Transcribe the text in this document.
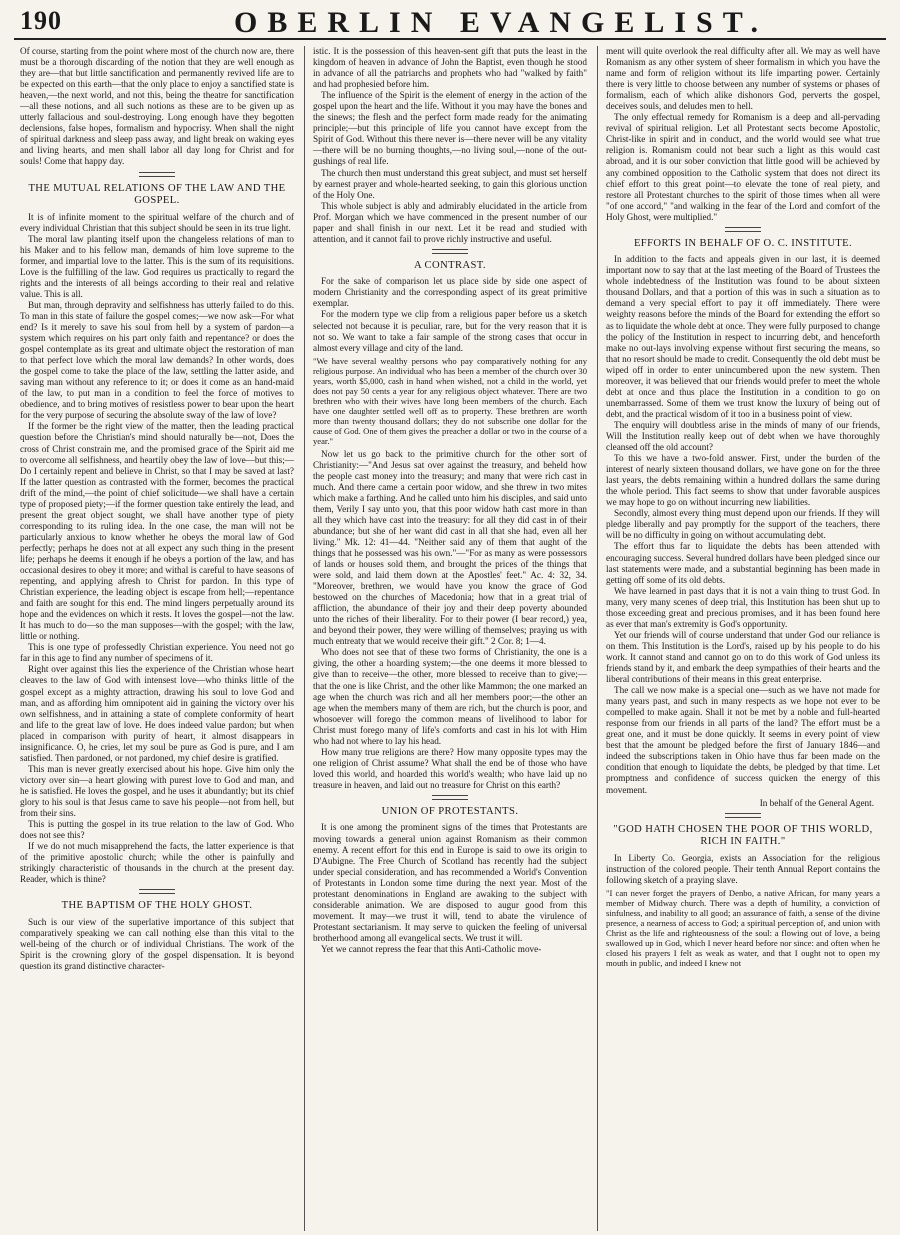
190	OBERLIN EVANGELIST.

Of course, starting from the point where most of the church now are, there must be a thorough discarding of the notion that they are well enough as they are—that but little sanctification and permanently revived life are to be expected on this earth—that the only place to enjoy a sanctified state is heaven,—the next world, and not this, being the theatre for sanctification—all these notions, and all such notions as these are to be given up as utterly fallacious and soul-destroying. Long enough have they begotten declensions, false hopes, formalism and hypocrisy. When shall the night of spiritual darkness and sleep pass away, and light break on waking eyes and living hearts, and men shall labor all day long for Christ and for souls! Come that happy day.

THE MUTUAL RELATIONS OF THE LAW AND THE GOSPEL.

It is of infinite moment to the spiritual welfare of the church and of every individual Christian that this subject should be seen in its true light.

The moral law planting itself upon the changeless relations of man to his Maker and to his fellow man, demands of him love supreme to the former, and impartial love to the latter. This is the sum of its requisitions. Love is the fulfilling of the law. God requires us practically to regard the rights and the interests of all beings according to their real and relative value. This is all.

But man, through depravity and selfishness has utterly failed to do this. To man in this state of failure the gospel comes;—we now ask—For what end? Is it merely to save his soul from hell by a system of pardon—a system which requires on his part only faith and repentance? or does the gospel contemplate as its great and ultimate object the restoration of man to that perfect love which the moral law demands? In other words, does the gospel come to take the place of the law, settling the latter aside, and saving man without any reference to it; or does it come as an hand-maid of the law, to put man in a condition to feel the force of motives to obedience, and to bring motives of resistless power to bear upon the heart for the very purpose of securing the absolute sway of the law of love?

If the former be the right view of the matter, then the leading practical question before the Christian's mind should naturally be—not, Does the cross of Christ constrain me, and the promised grace of the Spirit aid me to overcome all selfishness, and heartily obey the law of love—but this;—Do I certainly repent and believe in Christ, so that I may be saved at last? If the latter question as contrasted with the former, becomes the practical drift of the mind,—the point of chief solicitude—we shall have a certain type of proposed piety;—if the former question take entirely the lead, and present the great object sought, we shall have another type of piety corresponding to its ruling idea. In the one case, the man will not be particularly anxious to know whether he obeys the moral law of God perfectly; perhaps he does not at all expect any such thing in the present life; perhaps he deems it enough if he obeys a portion of the law, and has occasional desires to obey it more; and withal is careful to have seasons of repenting, and applying afresh to Christ for pardon. In this type of Christian experience, the leading object is escape from hell;—repentance and faith are sought for this end. The mind lingers perpetually around its hope and the evidences on which it rests. It loves the gospel—not the law. It has much to do—so the man supposes—with the gospel; with the law, little or nothing.

This is one type of professedly Christian experience. You need not go far in this age to find any number of specimens of it.

Right over against this lies the experience of the Christian whose heart cleaves to the law of God with intensest love—who thinks little of the gospel except as a mighty attraction, drawing his soul to love God and man, and as affording him omnipotent aid in gaining the victory over his own selfishness, and in attaining a state of complete conformity of heart and life to the great law of love. He does indeed value pardon; but when placed in comparison with purity of heart, it almost disappears in insignificance. O, he cries, let my soul be pure as God is pure, and I am satisfied. Then pardoned, or not pardoned, my chief desire is gratified.

This man is never greatly exercised about his hope. Give him only the victory over sin—a heart glowing with purest love to God and man, and he is satisfied. He loves the gospel, and he uses it abundantly; but its chief glory to his soul is that Jesus came to save his people—not from hell, but from their sins.

This is putting the gospel in its true relation to the law of God. Who does not see this?

If we do not much misapprehend the facts, the latter experience is that of the primitive apostolic church; while the other is painfully and strikingly characteristic of thousands in the church at the present day. Reader, which is thine?

THE BAPTISM OF THE HOLY GHOST.

Such is our view of the superlative importance of this subject that comparatively speaking we can call nothing else than this vital to the well-being of the church or of individual Christians. The work of the Spirit is the crowning glory of the gospel dispensation. It is beyond question its grand distinctive character-

istic. It is the possession of this heaven-sent gift that puts the least in the kingdom of heaven in advance of John the Baptist, even though he stood in advance of all the patriarchs and prophets who had "walked by faith" and had prophesied before him.

The influence of the Spirit is the element of energy in the action of the gospel upon the heart and the life. Without it you may have the bones and the sinews; the flesh and the perfect form made ready for the animating principle;—but this principle of life you cannot have except from the Spirit of God. Without this there never is—there never will be any vitality—there will be no burning thoughts,—no living soul,—none of the out-gushings of real life.

The church then must understand this great subject, and must set herself by earnest prayer and whole-hearted seeking, to gain this glorious unction of the Holy One.

This whole subject is ably and admirably elucidated in the article from Prof. Morgan which we have commenced in the present number of our paper and shall finish in our next. Let it be read and studied with attention, and it cannot fail to prove richly instructive and useful.

A CONTRAST.

For the sake of comparison let us place side by side one aspect of modern Christianity and the corresponding aspect of its great primitive exemplar.

For the modern type we clip from a religious paper before us a sketch selected not because it is peculiar, rare, but for the very reason that it is not so. We want to take a fair sample of the strong cases that occur in almost every village and city of the land.

"We have several wealthy persons who pay comparatively nothing for any religious purpose. An individual who has been a member of the church over 30 years, worth $5,000, cash in hand when wished, not a child in the world, yet does not pay 50 cents a year for any religious object whatever. There are two brethren who with their wives have long been members of the church. Each have one daughter settled well off as to property. These brethren are worth more than twenty thousand dollars; they do not subscribe one dollar for the cause of God. One of them gives the preacher a dollar or two in the course of a year."

Now let us go back to the primitive church for the other sort of Christianity:—"And Jesus sat over against the treasury, and beheld how the people cast money into the treasury; and many that were rich cast in much. And there came a certain poor widow, and she threw in two mites which make a farthing. And he called unto him his disciples, and said unto them, Verily I say unto you, that this poor widow hath cast more in than all they which have cast into the treasury: for all they did cast in of their abundance; but she of her want did cast in all that she had, even all her living." Mk. 12: 41—44. "Neither said any of them that aught of the things that he possessed was his own."—"For as many as were possessors of lands or houses sold them, and brought the prices of the things that were sold, and laid them down at the Apostles' feet." Ac. 4: 32, 34. "Moreover, brethren, we would have you know the grace of God bestowed on the churches of Macedonia; how that in a great trial of affliction, the abundance of their joy and their deep poverty abounded unto the riches of their liberality. For to their power (I bear record,) yea, and beyond their power, they were willing of themselves; praying us with much entreaty that we would receive their gift." 2 Cor. 8; 1—4.

Who does not see that of these two forms of Christianity, the one is a giving, the other a hoarding system;—the one deems it more blessed to give than to receive—the other, more blessed to receive than to give;—that the one is like Christ, and the other like Mammon; the one marked an age when the church was rich and all her members poor;—the other an age when the members many of them are rich, but the church is poor, and whosoever will forego the common means of livelihood to labor for Christ must forego many of life's comforts and cast in his lot with Him who had not where to lay his head.

How many true religions are there? How many opposite types may the one religion of Christ assume? What shall the end be of those who have loved this world, and hoarded this world's wealth; who have laid up no treasure in heaven, and laid out no treasure for Christ on this earth?

UNION OF PROTESTANTS.

It is one among the prominent signs of the times that Protestants are moving towards a general union against Romanism as their common enemy. A recent effort for this end in Europe is said to owe its origin to D'Aubigne. The Free Church of Scotland has recently had the subject under special consideration, and has recommended a World's Convention of Protestants in London some time during the next year. Most of the protestant denominations in England are awaking to the subject with considerable animation. We are disposed to augur good from this movement. It may—we trust it will, tend to abate the virulence of Protestant sectarianism. It may serve to quicken the feeling of universal brotherhood among all evangelical sects. We trust it will.

Yet we cannot repress the fear that this Anti-Catholic move-

ment will quite overlook the real difficulty after all. We may as well have Romanism as any other system of sheer formalism in which you have the name and form of religion without its life imparting power. Certainly there is very little to choose between any number of systems or phases of formalism, each of which alike dishonors God, perverts the gospel, deceives souls, and deludes men to hell.

The only effectual remedy for Romanism is a deep and all-pervading revival of spiritual religion. Let all Protestant sects become Apostolic, Christ-like in spirit and in conduct, and the world would see what true religion is. Romanism could not bear such a light as this would cast abroad, and it is our sober conviction that little good will be achieved by any combined opposition to the Catholic system that does not direct its chief effort to this great point—to elevate the tone of real piety, and restore all Protestant churches to the spirit of those times when all were "of one accord," "and walking in the fear of the Lord and comfort of the Holy Ghost, were multiplied."

EFFORTS IN BEHALF OF O. C. INSTITUTE.

In addition to the facts and appeals given in our last, it is deemed important now to say that at the last meeting of the Board of Trustees the whole indebtedness of the Institution was found to be about sixteen thousand Dollars, and that a portion of this was in such a situation as to demand a very special effort to pay it off immediately. There were weighty reasons before the minds of the Board for extending the effort so as to liquidate the whole debt at once. They were fully purposed to change the policy of the Institution in respect to incurring debt, and henceforth make no out-lays involving expense without first securing the means, so that no resort should be made to credit. Consequently the old debt must be wiped off in order to enter unincumbered upon the new system. Then moreover, it was believed that our friends would prefer to meet the whole debt at once and thus place the Institution in a condition to go on unembarrassed. Some of them we trust know the luxury of being out of debt, and the practical wisdom of it too in a business point of view.

The enquiry will doubtless arise in the minds of many of our friends, Will the Institution really keep out of debt when we have thoroughly cleansed off the old account?

To this we have a two-fold answer. First, under the burden of the interest of nearly sixteen thousand dollars, we have gone on for the three last years, the debts remaining within a hundred dollars the same during the whole period. This fact seems to show that under favorable auspices we may hope to go on without incurring new liabilities.

Secondly, almost every thing must depend upon our friends. If they will pledge liberally and pay promptly for the support of the teachers, there will be no difficulty in going on without accumulating debt.

The effort thus far to liquidate the debts has been attended with encouraging success. Several hundred dollars have been pledged since our last statements were made, and a substantial beginning has been made in getting off some of its old debts.

We have learned in past days that it is not a vain thing to trust God. In many, very many scenes of deep trial, this Institution has been shut up to those exceeding great and precious promises, and it has been found here as ever that man's extremity is God's opportunity.

Yet our friends will of course understand that under God our reliance is on them. This Institution is the Lord's, raised up by his people to do his work. It cannot stand and cannot go on to do this work of God unless its friends stand by it, and embark the deep sympathies of their hearts and the liberal contributions of their means in this great enterprise.

The call we now make is a special one—such as we have not made for many years past, and such in many respects as we hope not ever to be compelled to make again. Shall it not be met by a noble and full-hearted response from our friends in all parts of the land? The effort must be a great one, and it must be done quickly. It seems in every point of view best that the amount be pledged before the first of January 1846—and indeed the subscriptions taken in Ohio have thus far been made on the condition that enough to liquidate the debts, be pledged by that time. Let promptness and confidence of success quicken the energy of this movement.

In behalf of the General Agent.
"GOD HATH CHOSEN THE POOR OF THIS WORLD, RICH IN FAITH."

In Liberty Co. Georgia, exists an Association for the religious instruction of the colored people. Their tenth Annual Report contains the following sketch of a praying slave.

"I can never forget the prayers of Denbo, a native African, for many years a member of Midway church. There was a depth of humility, a conviction of sinfulness, and inability to all good; an assurance of faith, a sense of the divine presence, a nearness of access to God; a spiritual perception of, and union with Christ as the life and righteousness of the soul: a flowing out of love, a being swallowed up in God, which I never heard before nor since: and often when he closed his prayers I felt as weak as water, and that I ought not to open my mouth in public, and indeed I knew not
